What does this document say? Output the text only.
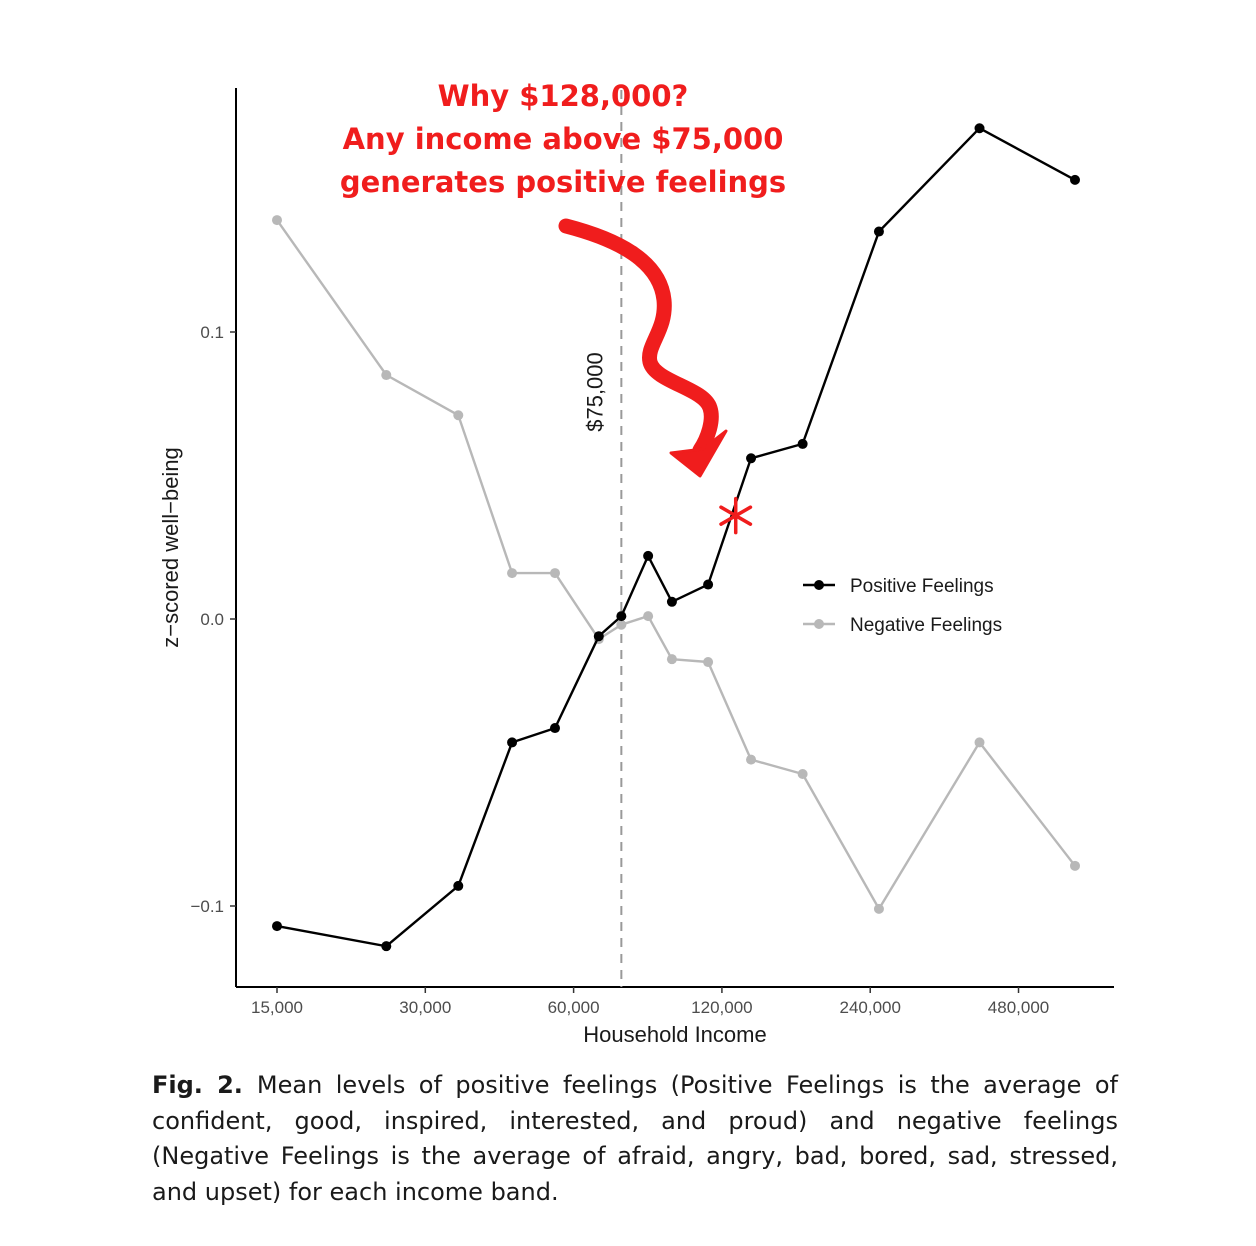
−0.1
0.0
0.1
15,000	30,000	60,000	120,000	240,000	480,000
Household Income
z−scored well−being
$75,000
Positive Feelings
Negative Feelings
Why $128,000?
Any income above $75,000
generates positive feelings
Fig. 2. Mean levels of positive feelings (Positive Feelings is the average of confident, good, inspired, interested, and proud) and negative feelings (Negative Feelings is the average of afraid, angry, bad, bored, sad, stressed, and upset) for each income band.
